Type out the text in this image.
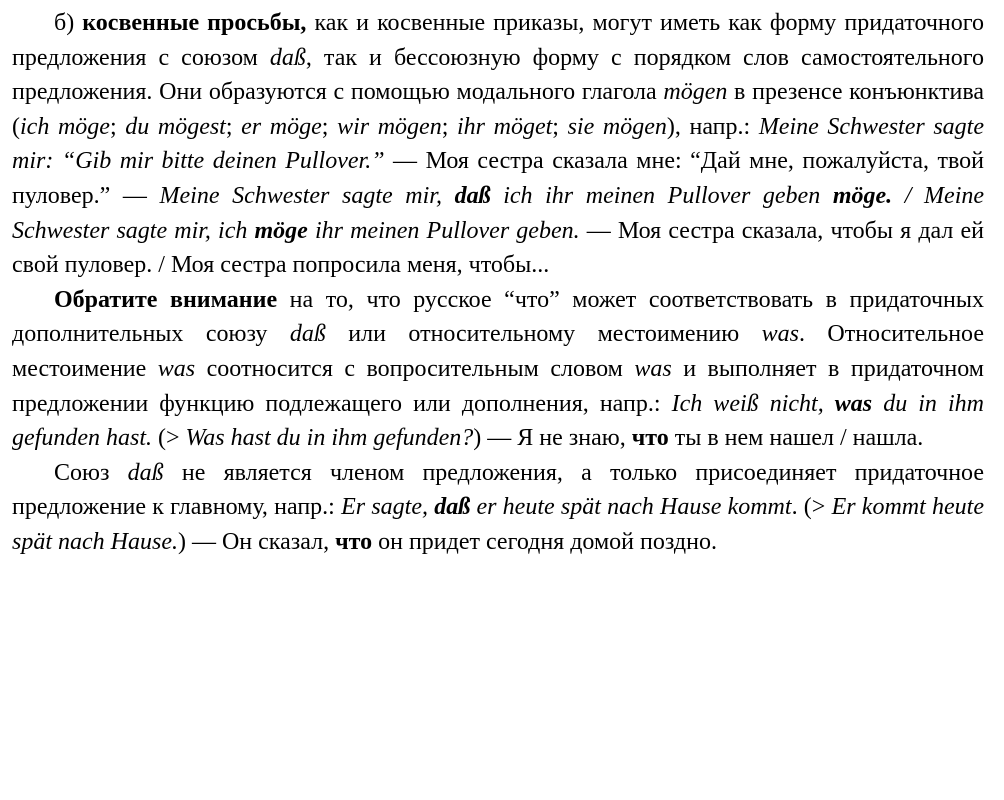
б) косвенные просьбы, как и косвенные приказы, могут иметь как форму придаточного предложения с союзом daß, так и бессоюзную форму с порядком слов самостоятельного предложения. Они образуются с помощью модального глагола mögen в презенсе конъюнктива (ich möge; du mögest; er möge; wir mögen; ihr möget; sie mögen), напр.: Meine Schwester sagte mir: “Gib mir bitte deinen Pullover.” — Моя сестра сказала мне: “Дай мне, пожалуйста, твой пуловер.” — Meine Schwester sagte mir, daß ich ihr meinen Pullover geben möge. / Meine Schwester sagte mir, ich möge ihr meinen Pullover geben. — Моя сестра сказала, чтобы я дал ей свой пуловер. / Моя сестра попросила меня, чтобы...

Обратите внимание на то, что русское “что” может соответствовать в придаточных дополнительных союзу daß или относительному местоимению was. Относительное местоимение was соотносится с вопросительным словом was и выполняет в придаточном предложении функцию подлежащего или дополнения, напр.: Ich weiß nicht, was du in ihm gefunden hast. (> Was hast du in ihm gefunden?) — Я не знаю, что ты в нем нашел / нашла.

Союз daß не является членом предложения, а только присоединяет придаточное предложение к главному, напр.: Er sagte, daß er heute spät nach Hause kommt. (> Er kommt heute spät nach Hause.) — Он сказал, что он придет сегодня домой поздно.
